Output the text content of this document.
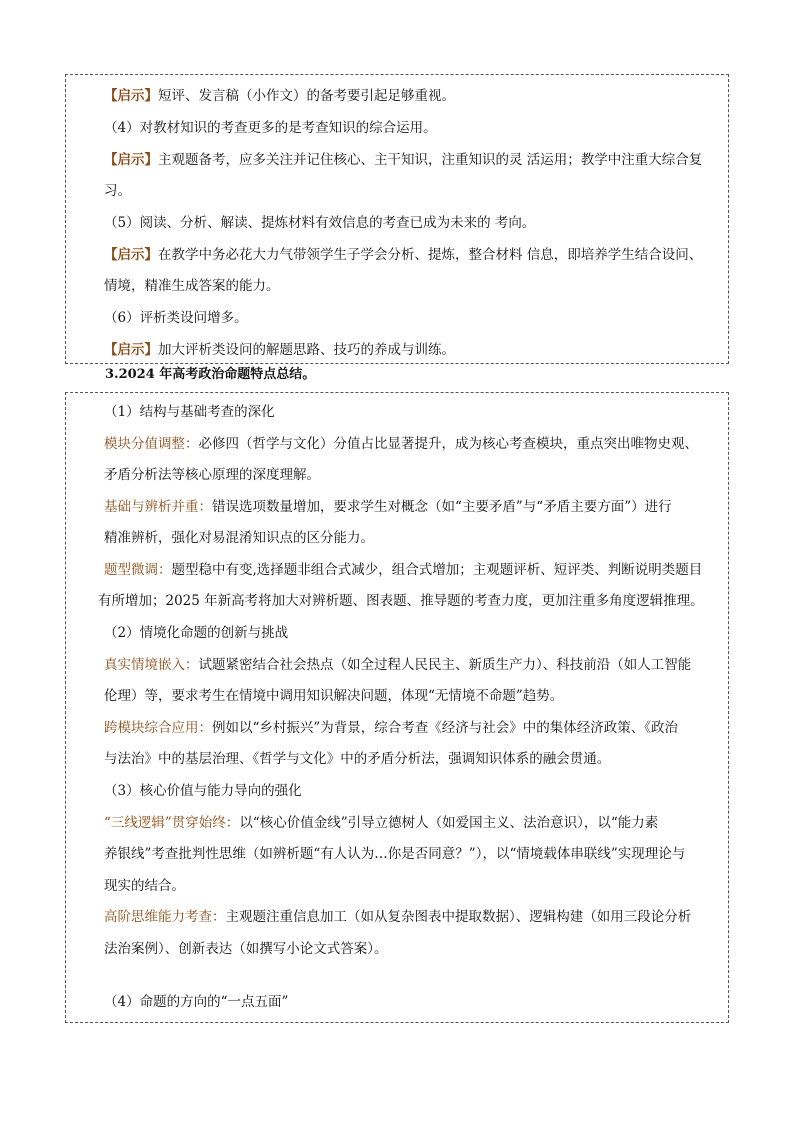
【启示】短评、发言稿（小作文）的备考要引起足够重视。
（4）对教材知识的考查更多的是考查知识的综合运用。
【启示】主观题备考，应多关注并记住核心、主干知识，注重知识的灵 活运用；教学中注重大综合复
习。
（5）阅读、分析、解读、提炼材料有效信息的考查已成为未来的 考向。
【启示】在教学中务必花大力气带领学生子学会分析、提炼，整合材料 信息，即培养学生结合设问、
情境，精准生成答案的能力。
（6）评析类设问增多。
【启示】加大评析类设问的解题思路、技巧的养成与训练。
3.2024 年高考政治命题特点总结。
（1）结构与基础考查的深化
模块分值调整：必修四（哲学与文化）分值占比显著提升，成为核心考查模块，重点突出唯物史观、
矛盾分析法等核心原理的深度理解。
基础与辨析并重：错误选项数量增加，要求学生对概念（如“主要矛盾”与“矛盾主要方面”）进行
精准辨析，强化对易混淆知识点的区分能力。
题型微调：题型稳中有变,选择题非组合式减少，组合式增加；主观题评析、短评类、判断说明类题目
有所增加；2025 年新高考将加大对辨析题、图表题、推导题的考查力度，更加注重多角度逻辑推理。
（2）情境化命题的创新与挑战
真实情境嵌入：试题紧密结合社会热点（如全过程人民民主、新质生产力）、科技前沿（如人工智能
伦理）等，要求考生在情境中调用知识解决问题，体现“无情境不命题”趋势。
跨模块综合应用：例如以“乡村振兴”为背景，综合考查《经济与社会》中的集体经济政策、《政治
与法治》中的基层治理、《哲学与文化》中的矛盾分析法，强调知识体系的融会贯通。
（3）核心价值与能力导向的强化
“三线逻辑”贯穿始终：以“核心价值金线”引导立德树人（如爱国主义、法治意识），以“能力素
养银线”考查批判性思维（如辨析题“有人认为…你是否同意？”），以“情境载体串联线”实现理论与
现实的结合。
高阶思维能力考查：主观题注重信息加工（如从复杂图表中提取数据）、逻辑构建（如用三段论分析
法治案例）、创新表达（如撰写小论文式答案）。
（4）命题的方向的“一点五面”
